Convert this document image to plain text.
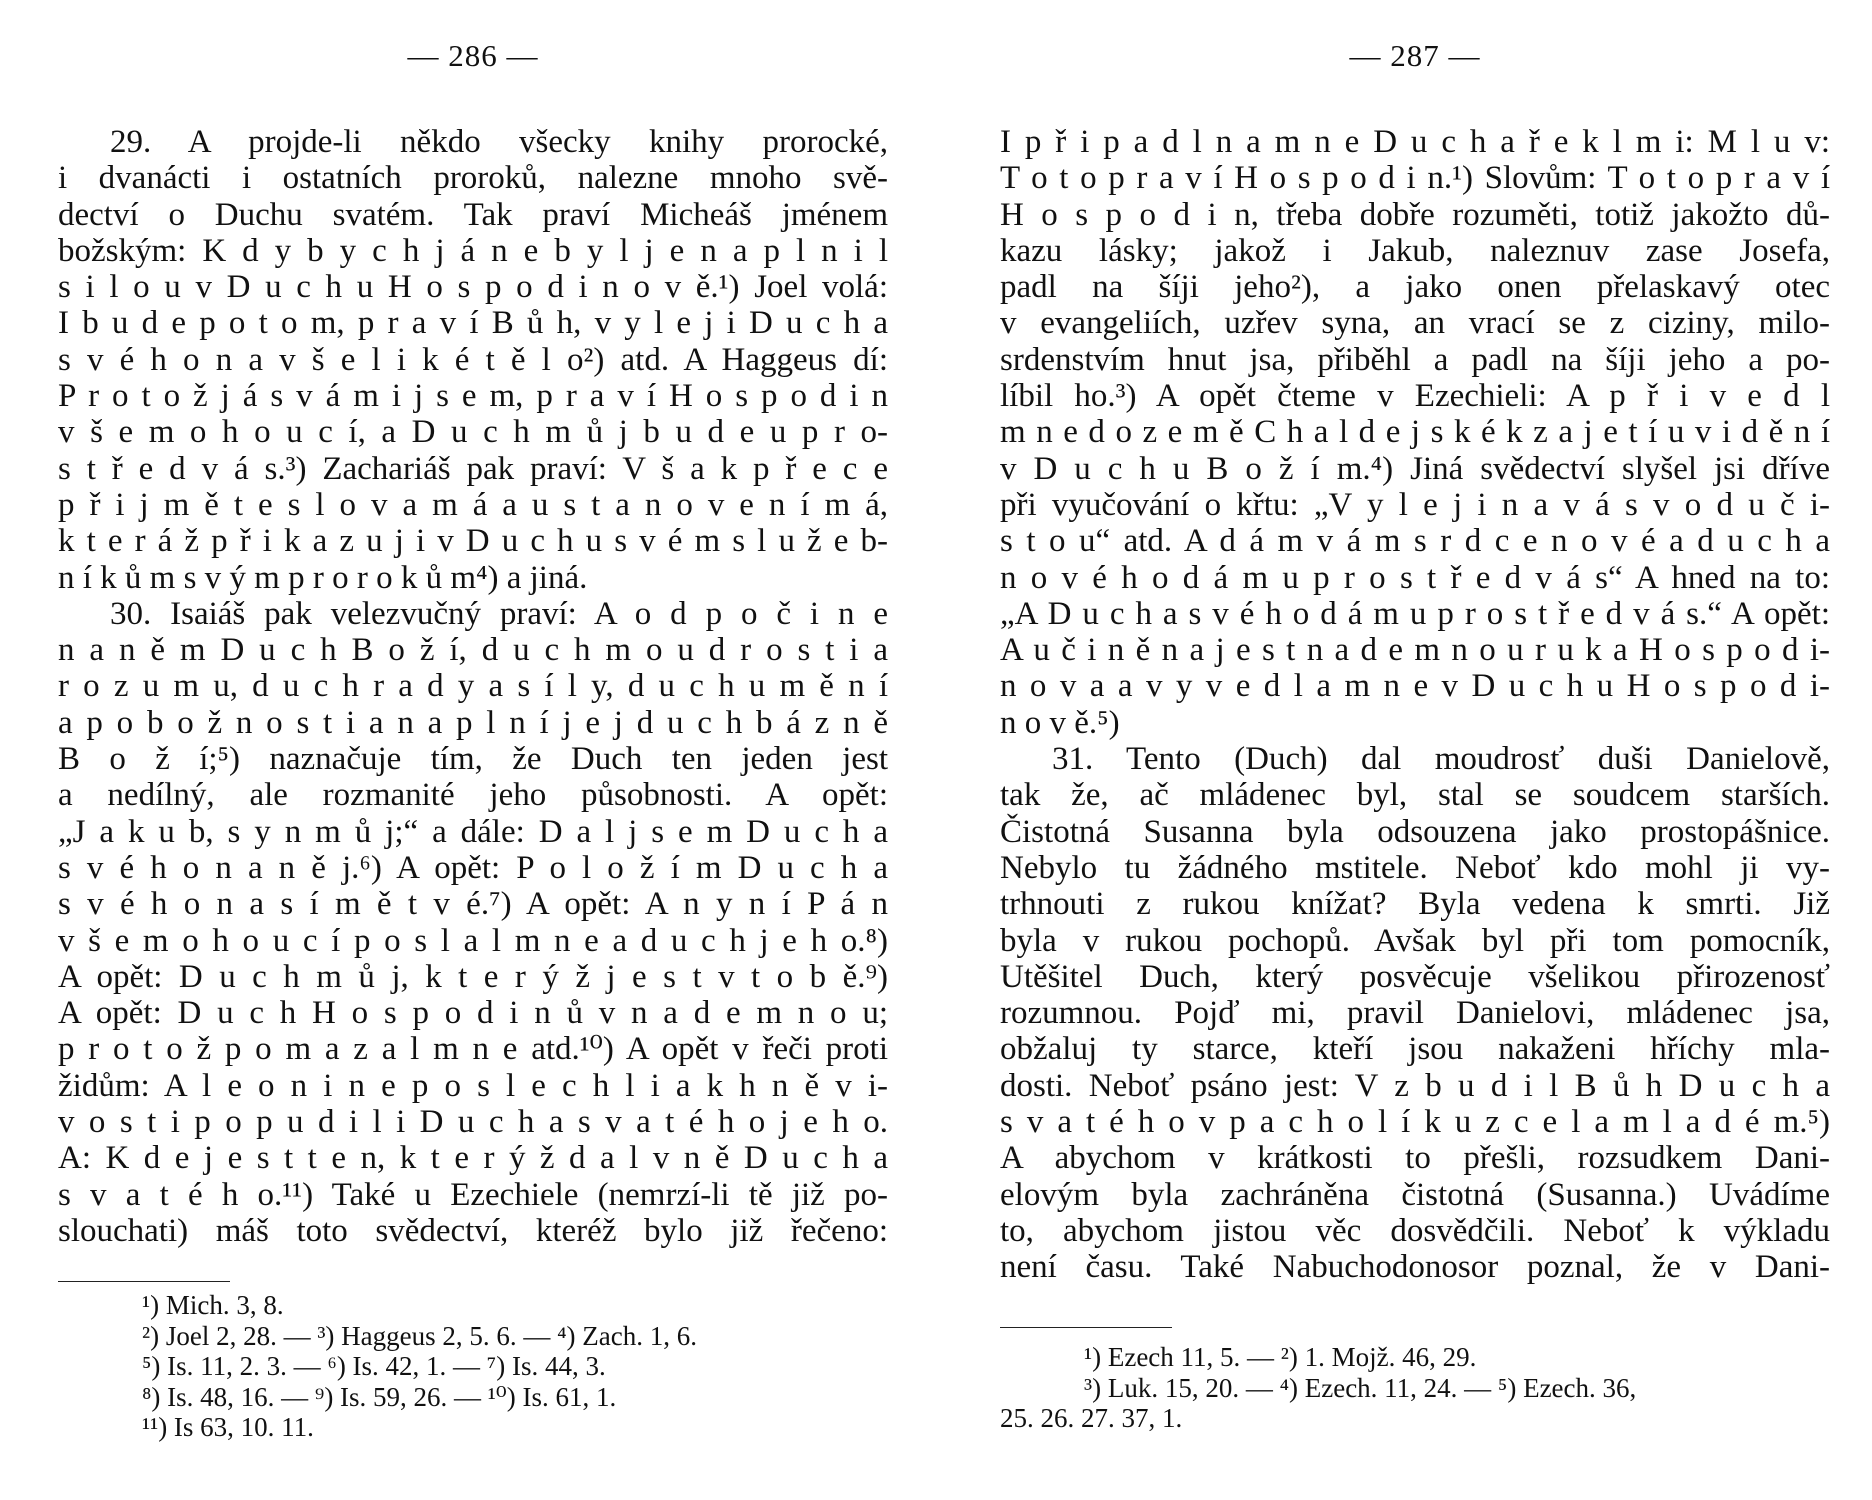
— 286 —
29. A projde-li někdo všecky knihy prorocké,
i dvanácti i ostatních proroků, nalezne mnoho svě-
dectví o Duchu svatém. Tak praví Micheáš jménem
božským: K d y b y c h j á n e b y l j e n a p l n i l
s i l o u v D u c h u H o s p o d i n o v ě.¹) Joel volá:
I b u d e p o t o m, p r a v í B ů h, v y l e j i D u c h a
s v é h o n a v š e l i k é t ě l o²) atd. A Haggeus dí:
P r o t o ž j á s v á m i j s e m, p r a v í H o s p o d i n
v š e m o h o u c í, a D u c h m ů j b u d e u p r o-
s t ř e d v á s.³) Zachariáš pak praví: V š a k p ř e c e
p ř i j m ě t e s l o v a m á a u s t a n o v e n í m á,
k t e r á ž p ř i k a z u j i v D u c h u s v é m s l u ž e b-
n í k ů m s v ý m p r o r o k ů m⁴) a jiná.
30. Isaiáš pak velezvučný praví: A o d p o č i n e
n a n ě m D u c h B o ž í, d u c h m o u d r o s t i a
r o z u m u, d u c h r a d y a s í l y, d u c h u m ě n í
a p o b o ž n o s t i a n a p l n í j e j d u c h b á z n ě
B o ž í;⁵) naznačuje tím, že Duch ten jeden jest
a nedílný, ale rozmanité jeho působnosti. A opět:
„J a k u b, s y n m ů j;“ a dále: D a l j s e m D u c h a
s v é h o n a n ě j.⁶) A opět: P o l o ž í m D u c h a
s v é h o n a s í m ě t v é.⁷) A opět: A n y n í P á n
v š e m o h o u c í p o s l a l m n e a d u c h j e h o.⁸)
A opět: D u c h m ů j, k t e r ý ž j e s t v t o b ě.⁹)
A opět: D u c h H o s p o d i n ů v n a d e m n o u;
p r o t o ž p o m a z a l m n e atd.¹⁰) A opět v řeči proti
židům: A l e o n i n e p o s l e c h l i a k h n ě v i-
v o s t i p o p u d i l i D u c h a s v a t é h o j e h o.
A: K d e j e s t t e n, k t e r ý ž d a l v n ě D u c h a
s v a t é h o.¹¹) Také u Ezechiele (nemrzí-li tě již po-
slouchati) máš toto svědectví, kteréž bylo již řečeno:
¹) Mich. 3, 8.
²) Joel 2, 28. — ³) Haggeus 2, 5. 6. — ⁴) Zach. 1, 6.
⁵) Is. 11, 2. 3. — ⁶) Is. 42, 1. — ⁷) Is. 44, 3.
⁸) Is. 48, 16. — ⁹) Is. 59, 26. — ¹⁰) Is. 61, 1.
¹¹) Is 63, 10. 11.
— 287 —
I p ř i p a d l n a m n e D u c h a ř e k l m i: M l u v:
T o t o p r a v í H o s p o d i n.¹) Slovům: T o t o p r a v í
H o s p o d i n, třeba dobře rozuměti, totiž jakožto dů-
kazu lásky; jakož i Jakub, naleznuv zase Josefa,
padl na šíji jeho²), a jako onen přelaskavý otec
v evangeliích, uzřev syna, an vrací se z ciziny, milo-
srdenstvím hnut jsa, přiběhl a padl na šíji jeho a po-
líbil ho.³) A opět čteme v Ezechieli: A p ř i v e d l
m n e d o z e m ě C h a l d e j s k é k z a j e t í u v i d ě n í
v D u c h u B o ž í m.⁴) Jiná svědectví slyšel jsi dříve
při vyučování o křtu: „V y l e j i n a v á s v o d u č i-
s t o u“ atd. A d á m v á m s r d c e n o v é a d u c h a
n o v é h o d á m u p r o s t ř e d v á s“ A hned na to:
„A D u c h a s v é h o d á m u p r o s t ř e d v á s.“ A opět:
A u č i n ě n a j e s t n a d e m n o u r u k a H o s p o d i-
n o v a a v y v e d l a m n e v D u c h u H o s p o d i-
n o v ě.⁵)
31. Tento (Duch) dal moudrosť duši Danielově,
tak že, ač mládenec byl, stal se soudcem starších.
Čistotná Susanna byla odsouzena jako prostopášnice.
Nebylo tu žádného mstitele. Neboť kdo mohl ji vy-
trhnouti z rukou knížat? Byla vedena k smrti. Již
byla v rukou pochopů. Avšak byl při tom pomocník,
Utěšitel Duch, který posvěcuje všelikou přirozenosť
rozumnou. Pojď mi, pravil Danielovi, mládenec jsa,
obžaluj ty starce, kteří jsou nakaženi hříchy mla-
dosti. Neboť psáno jest: V z b u d i l B ů h D u c h a
s v a t é h o v p a c h o l í k u z c e l a m l a d é m.⁵)
A abychom v krátkosti to přešli, rozsudkem Dani-
elovým byla zachráněna čistotná (Susanna.) Uvádíme
to, abychom jistou věc dosvědčili. Neboť k výkladu
není času. Také Nabuchodonosor poznal, že v Dani-
¹) Ezech 11, 5. — ²) 1. Mojž. 46, 29.
³) Luk. 15, 20. — ⁴) Ezech. 11, 24. — ⁵) Ezech. 36,
25. 26. 27. 37, 1.
